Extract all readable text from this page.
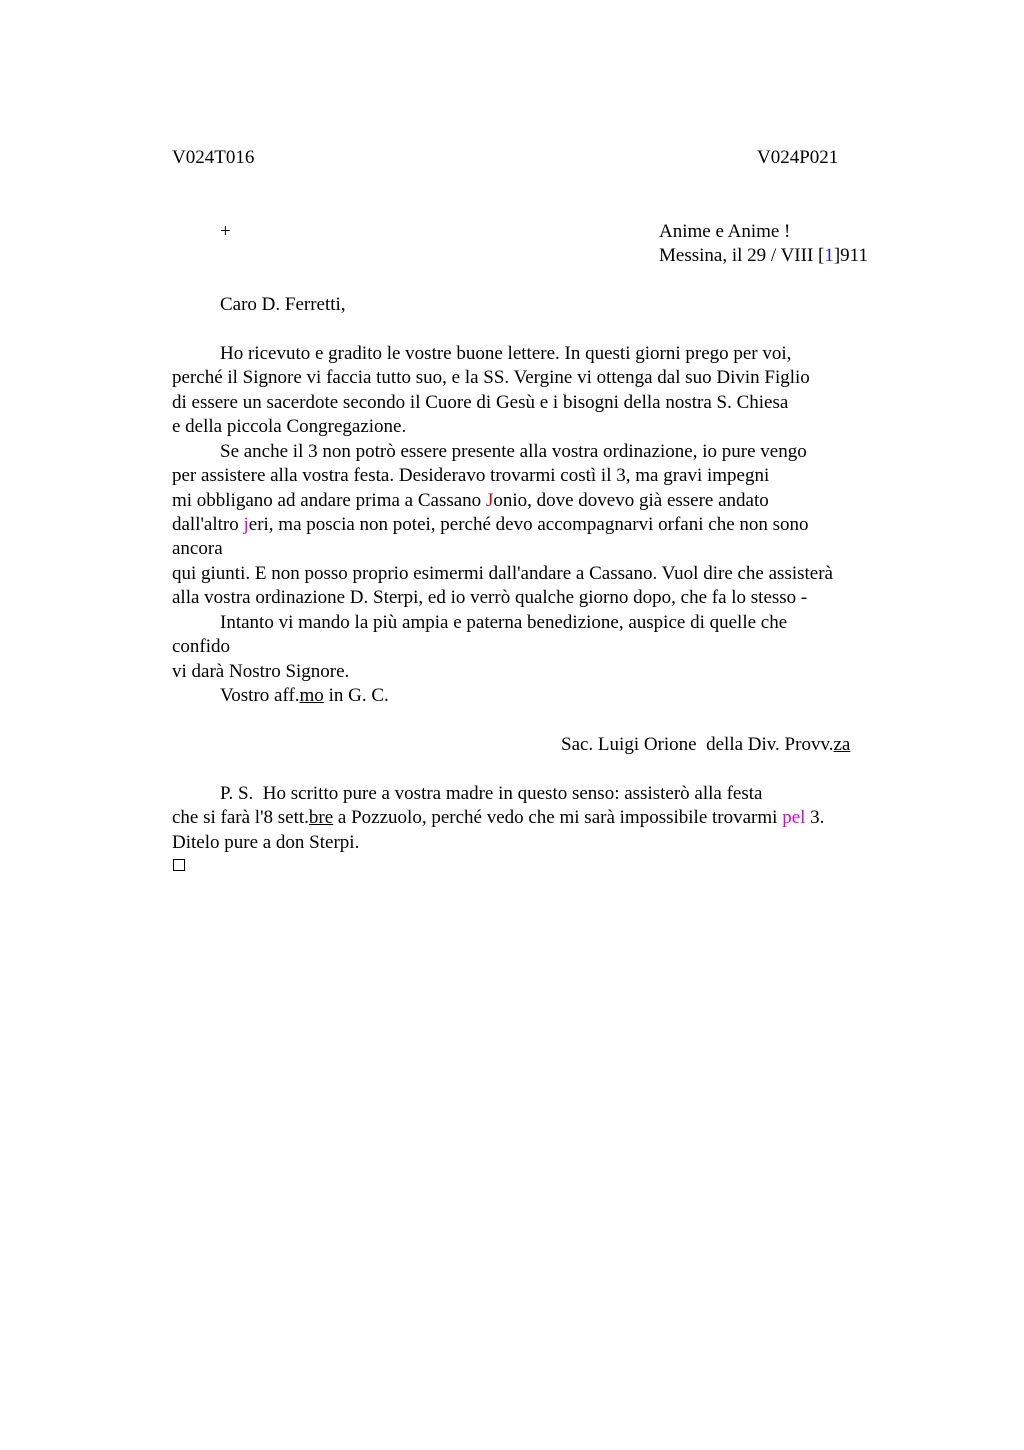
V024T016	V024P021
+	Anime e Anime !
Messina, il 29 / VIII [1]911
Caro D. Ferretti,
Ho ricevuto e gradito le vostre buone lettere. In questi giorni prego per voi,
perché il Signore vi faccia tutto suo, e la SS. Vergine vi ottenga dal suo Divin Figlio
di essere un sacerdote secondo il Cuore di Gesù e i bisogni della nostra S. Chiesa
e della piccola Congregazione.
Se anche il 3 non potrò essere presente alla vostra ordinazione, io pure vengo
per assistere alla vostra festa. Desideravo trovarmi costì il 3, ma gravi impegni
mi obbligano ad andare prima a Cassano Jonio, dove dovevo già essere andato
dall'altro jeri, ma poscia non potei, perché devo accompagnarvi orfani che non sono
ancora
qui giunti. E non posso proprio esimermi dall'andare a Cassano. Vuol dire che assisterà
alla vostra ordinazione D. Sterpi, ed io verrò qualche giorno dopo, che fa lo stesso -
Intanto vi mando la più ampia e paterna benedizione, auspice di quelle che
confido
vi darà Nostro Signore.
Vostro aff.mo in G. C.
Sac. Luigi Orione  della Div. Provv.za
P. S.  Ho scritto pure a vostra madre in questo senso: assisterò alla festa
che si farà l'8 sett.bre a Pozzuolo, perché vedo che mi sarà impossibile trovarmi pel 3.
Ditelo pure a don Sterpi.
